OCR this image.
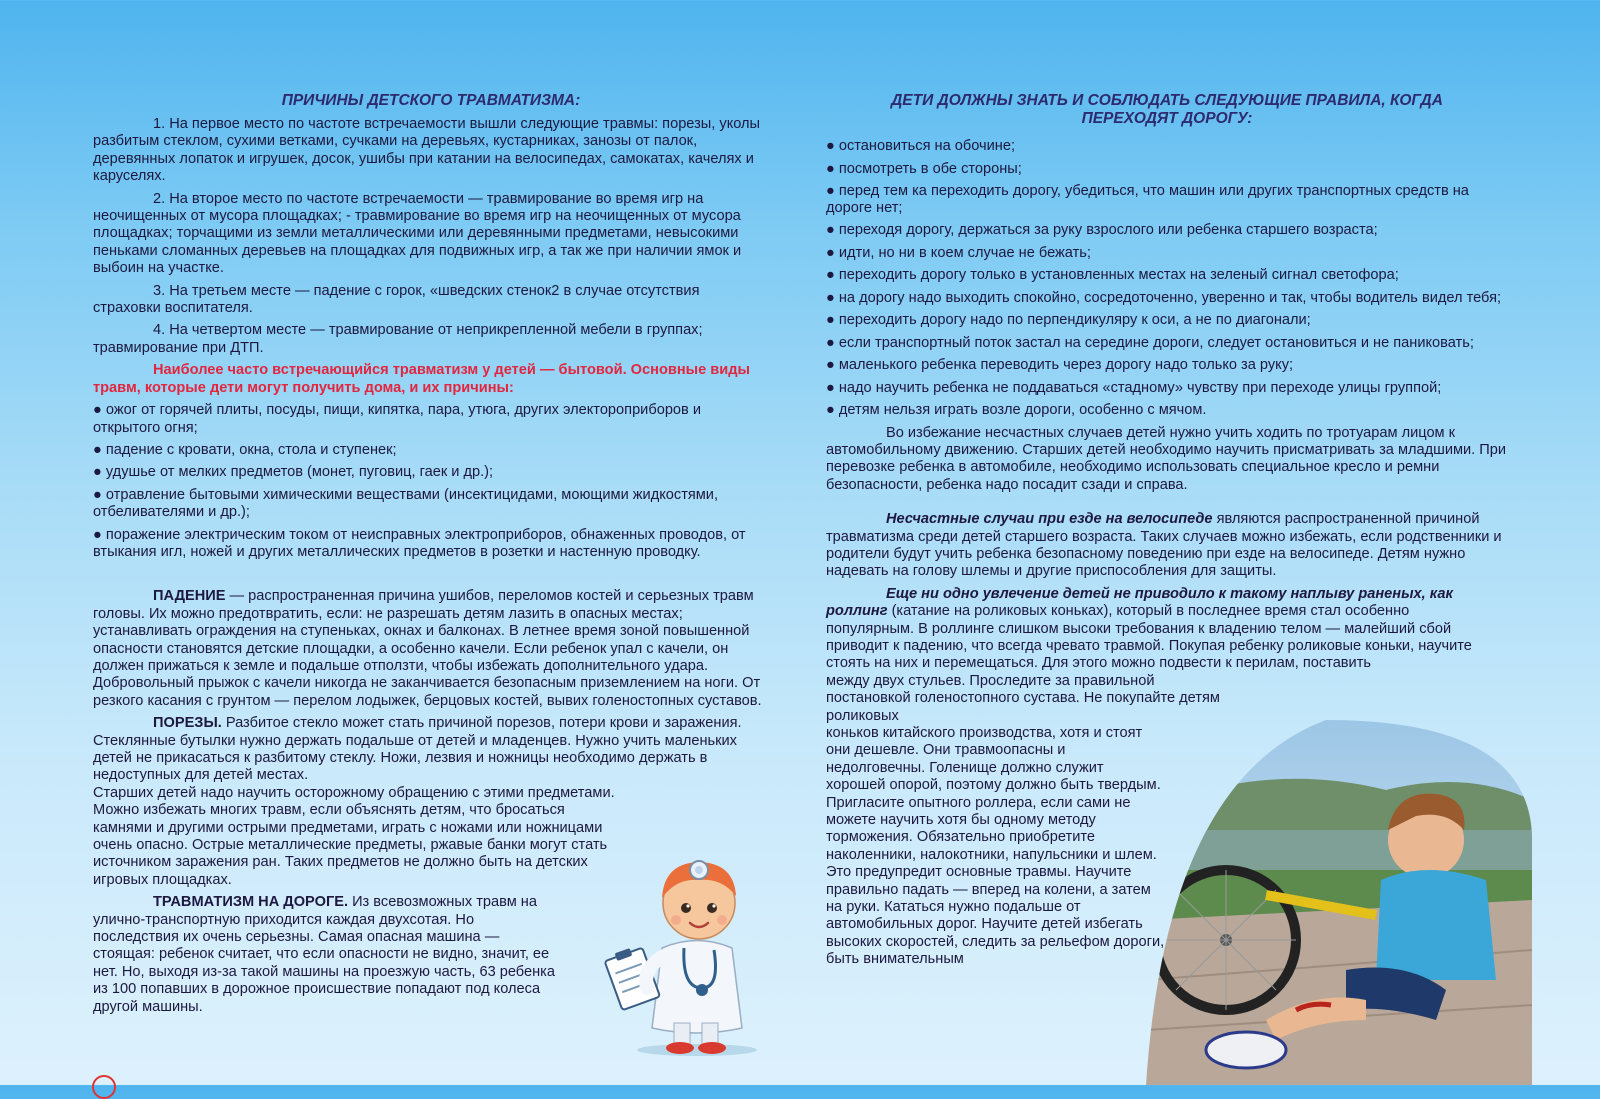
ПРИЧИНЫ ДЕТСКОГО ТРАВМАТИЗМА:

1. На первое место по частоте встречаемости вышли следующие травмы: порезы, уколы разбитым стеклом, сухими ветками, сучками на деревьях, кустарниках, занозы от палок, деревянных лопаток и игрушек, досок, ушибы при катании на велосипедах, самокатах, качелях и каруселях.

2. На второе место по частоте встречаемости — травмирование во время игр на неочищенных от мусора площадках; - травмирование во время игр на неочищенных от мусора площадках; торчащими из земли металлическими или деревянными предметами, невысокими пеньками сломанных деревьев на площадках для подвижных игр, а так же при наличии ямок и выбоин на участке.

3. На третьем месте — падение с горок, «шведских стенок2 в случае отсутствия страховки воспитателя.

4. На четвертом месте — травмирование от неприкрепленной мебели в группах; травмирование при ДТП.

Наиболее часто встречающийся травматизм у детей — бытовой. Основные виды травм, которые дети могут получить дома, и их причины:

● ожог от горячей плиты, посуды, пищи, кипятка, пара, утюга, других электороприборов и открытого огня;
● падение с кровати, окна, стола и ступенек;
● удушье от мелких предметов (монет, пуговиц, гаек и др.);
● отравление бытовыми химическими веществами (инсектицидами, моющими жидкостями, отбеливателями и др.);
● поражение электрическим током от неисправных электроприборов, обнаженных проводов, от втыкания игл, ножей и других металлических предметов в розетки и настенную проводку.

ПАДЕНИЕ — распространенная причина ушибов, переломов костей и серьезных травм головы. Их можно предотвратить, если: не разрешать детям лазить в опасных местах; устанавливать ограждения на ступеньках, окнах и балконах. В летнее время зоной повышенной опасности становятся детские площадки, а особенно качели. Если ребенок упал с качели, он должен прижаться к земле и подальше отползти, чтобы избежать дополнительного удара. Добровольный прыжок с качели никогда не заканчивается безопасным приземлением на ноги. От резкого касания с грунтом — перелом лодыжек, берцовых костей, вывих голеностопных суставов.

ПОРЕЗЫ. Разбитое стекло может стать причиной порезов, потери крови и заражения. Стеклянные бутылки нужно держать подальше от детей и младенцев. Нужно учить маленьких детей не прикасаться к разбитому стеклу. Ножи, лезвия и ножницы необходимо держать в недоступных для детей местах.

Старших детей надо научить осторожному обращению с этими предметами. Можно избежать многих травм, если объяснять детям, что бросаться камнями и другими острыми предметами, играть с ножами или ножницами очень опасно. Острые металлические предметы, ржавые банки могут стать источником заражения ран. Таких предметов не должно быть на детских игровых площадках.

ТРАВМАТИЗМ НА ДОРОГЕ. Из всевозможных травм на улично-транспортную приходится каждая двухсотая. Но последствия их очень серьезны. Самая опасная машина — стоящая: ребенок считает, что если опасности не видно, значит, ее нет. Но, выходя из-за такой машины на проезжую часть, 63 ребенка из 100 попавших в дорожное происшествие попадают под колеса другой машины.

ДЕТИ ДОЛЖНЫ ЗНАТЬ И СОБЛЮДАТЬ СЛЕДУЮЩИЕ ПРАВИЛА, КОГДА ПЕРЕХОДЯТ ДОРОГУ:
● остановиться на обочине;
● посмотреть в обе стороны;
● перед тем ка переходить дорогу, убедиться, что машин или других транспортных средств на дороге нет;
● переходя дорогу, держаться за руку взрослого или ребенка старшего возраста;
● идти, но ни в коем случае не бежать;
● переходить дорогу только в установленных местах на зеленый сигнал светофора;
● на дорогу надо выходить спокойно, сосредоточенно, уверенно и так, чтобы водитель видел тебя;
● переходить дорогу надо по перпендикуляру к оси, а не по диагонали;
● если транспортный поток застал на середине дороги, следует остановиться и не паниковать;
● маленького ребенка переводить через дорогу надо только за руку;
● надо научить ребенка не поддаваться «стадному» чувству при переходе улицы группой;
● детям нельзя играть возле дороги, особенно с мячом.

Во избежание несчастных случаев детей нужно учить ходить по тротуарам лицом к автомобильному движению. Старших детей необходимо научить присматривать за младшими. При перевозке ребенка в автомобиле, необходимо использовать специальное кресло и ремни безопасности, ребенка надо посадит сзади и справа.

Несчастные случаи при езде на велосипеде являются распространенной причиной травматизма среди детей старшего возраста. Таких случаев можно избежать, если родственники и родители будут учить ребенка безопасному поведению при езде на велосипеде. Детям нужно надевать на голову шлемы и другие приспособления для защиты.

Еще ни одно увлечение детей не приводило к такому наплыву раненых, как роллинг (катание на роликовых коньках), который в последнее время стал особенно популярным. В роллинге слишком высоки требования к владению телом — малейший сбой приводит к падению, что всегда чревато травмой. Покупая ребенку роликовые коньки, научите стоять на них и перемещаться. Для этого можно подвести к перилам, поставить

между двух стульев. Проследите за правильной постановкой голеностопного сустава. Не покупайте детям роликовых

коньков китайского производства, хотя и стоят они дешевле. Они травмоопасны и недолговечны. Голенище должно служит хорошей опорой, поэтому должно быть твердым. Пригласите опытного роллера, если сами не можете научить хотя бы одному методу торможения. Обязательно приобретите наколенники, налокотники, напульсники и шлем. Это предупредит основные травмы. Научите правильно падать — вперед на колени, а затем на руки. Кататься нужно подальше от автомобильных дорог. Научите детей избегать высоких скоростей, следить за рельефом дороги, быть внимательным
